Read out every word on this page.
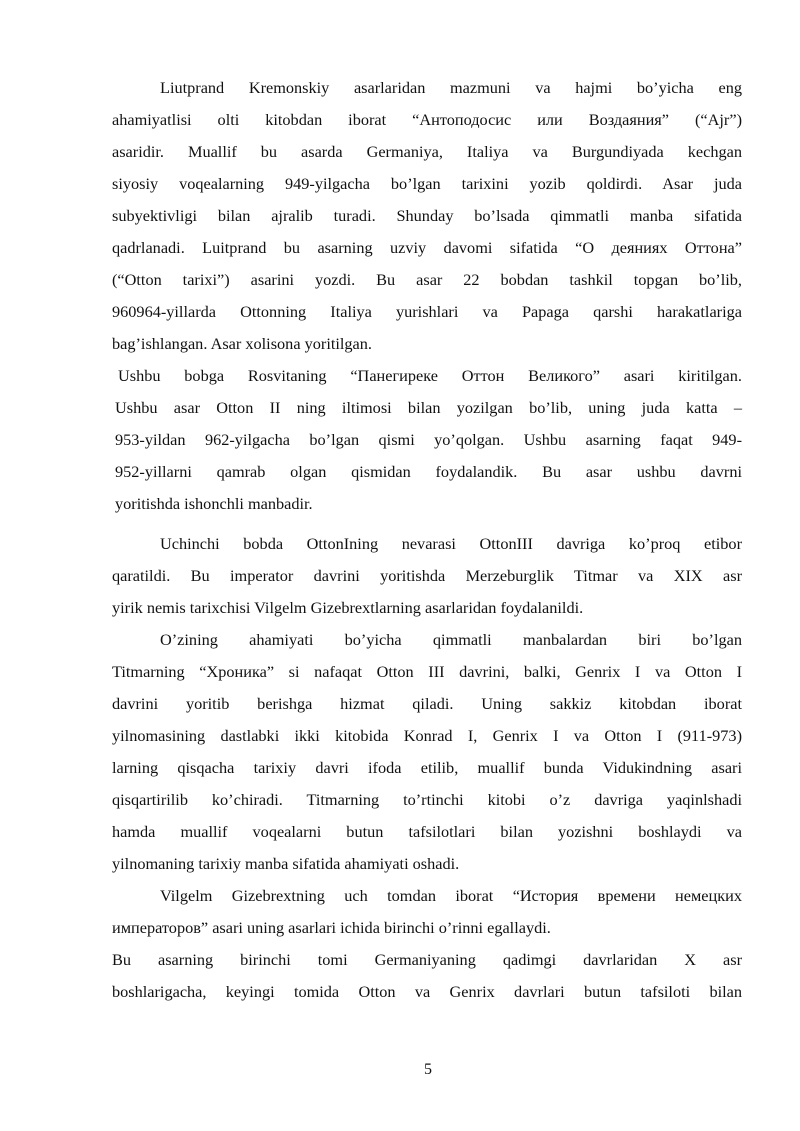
Liutprand Kremonskiy asarlaridan mazmuni va hajmi bo’yicha eng
ahamiyatlisi olti kitobdan iborat “Антоподосис или Воздаяния” (“Ajr”)
asaridir. Muallif bu asarda Germaniya, Italiya va Burgundiyada kechgan
siyosiy voqealarning 949-yilgacha bo’lgan tarixini yozib qoldirdi. Asar juda
subyektivligi bilan ajralib turadi. Shunday bo’lsada qimmatli manba sifatida
qadrlanadi. Luitprand bu asarning uzviy davomi sifatida “О деяниях Оттона”
(“Otton tarixi”) asarini yozdi. Bu asar 22 bobdan tashkil topgan bo’lib,
960964-yillarda Ottonning Italiya yurishlari va Papaga qarshi harakatlariga
bag’ishlangan. Asar xolisona yoritilgan.
Ushbu bobga Rosvitaning “Панегиреке Оттон Великого” asari kiritilgan.
Ushbu asar Otton II ning iltimosi bilan yozilgan bo’lib, uning juda katta –
953-yildan 962-yilgacha bo’lgan qismi yo’qolgan. Ushbu asarning faqat 949-
952-yillarni qamrab olgan qismidan foydalandik. Bu asar ushbu davrni
yoritishda ishonchli manbadir.
Uchinchi bobda OttonIning nevarasi OttonIII davriga ko’proq etibor
qaratildi. Bu imperator davrini yoritishda Merzeburglik Titmar va XIX asr
yirik nemis tarixchisi Vilgelm Gizebrextlarning asarlaridan foydalanildi.
O’zining ahamiyati bo’yicha qimmatli manbalardan biri bo’lgan
Titmarning “Хроника” si nafaqat Otton III davrini, balki, Genrix I va Otton I
davrini yoritib berishga hizmat qiladi. Uning sakkiz kitobdan iborat
yilnomasining dastlabki ikki kitobida Konrad I, Genrix I va Otton I (911-973)
larning qisqacha tarixiy davri ifoda etilib, muallif bunda Vidukindning asari
qisqartirilib ko’chiradi. Titmarning to’rtinchi kitobi o’z davriga yaqinlshadi
hamda muallif voqealarni butun tafsilotlari bilan yozishni boshlaydi va
yilnomaning tarixiy manba sifatida ahamiyati oshadi.
Vilgelm Gizebrextning uch tomdan iborat “История времени немецких
императоров” asari uning asarlari ichida birinchi o’rinni egallaydi.
Bu asarning birinchi tomi Germaniyaning qadimgi davrlaridan X asr
boshlarigacha, keyingi tomida Otton va Genrix davrlari butun tafsiloti bilan
5
